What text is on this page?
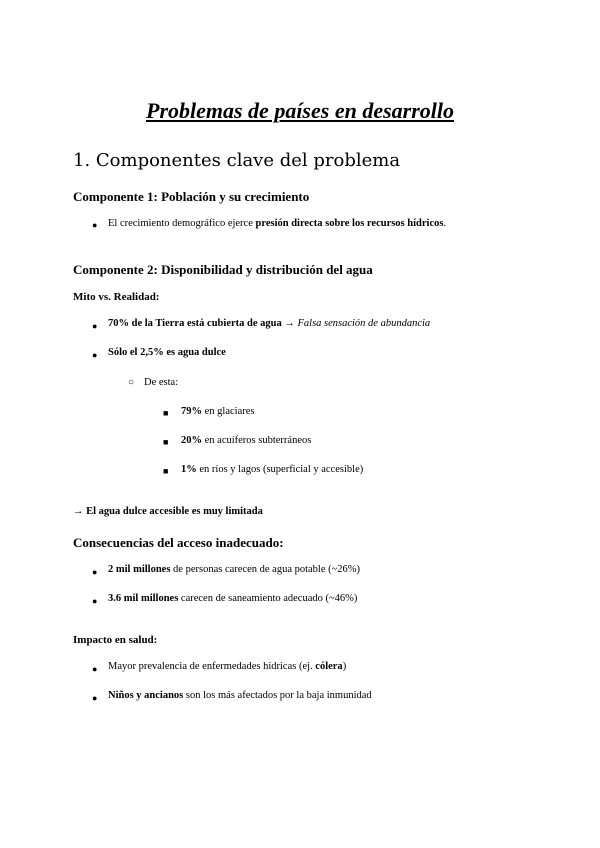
Problemas de países en desarrollo
1. Componentes clave del problema
Componente 1: Población y su crecimiento
● El crecimiento demográfico ejerce presión directa sobre los recursos hídricos.
Componente 2: Disponibilidad y distribución del agua
Mito vs. Realidad:
● 70% de la Tierra está cubierta de agua → Falsa sensación de abundancia
● Sólo el 2,5% es agua dulce
○ De esta:
■ 79% en glaciares
■ 20% en acuíferos subterráneos
■ 1% en ríos y lagos (superficial y accesible)
→ El agua dulce accesible es muy limitada
Consecuencias del acceso inadecuado:
● 2 mil millones de personas carecen de agua potable (~26%)
● 3.6 mil millones carecen de saneamiento adecuado (~46%)
Impacto en salud:
● Mayor prevalencia de enfermedades hídricas (ej. cólera)
● Niños y ancianos son los más afectados por la baja inmunidad
